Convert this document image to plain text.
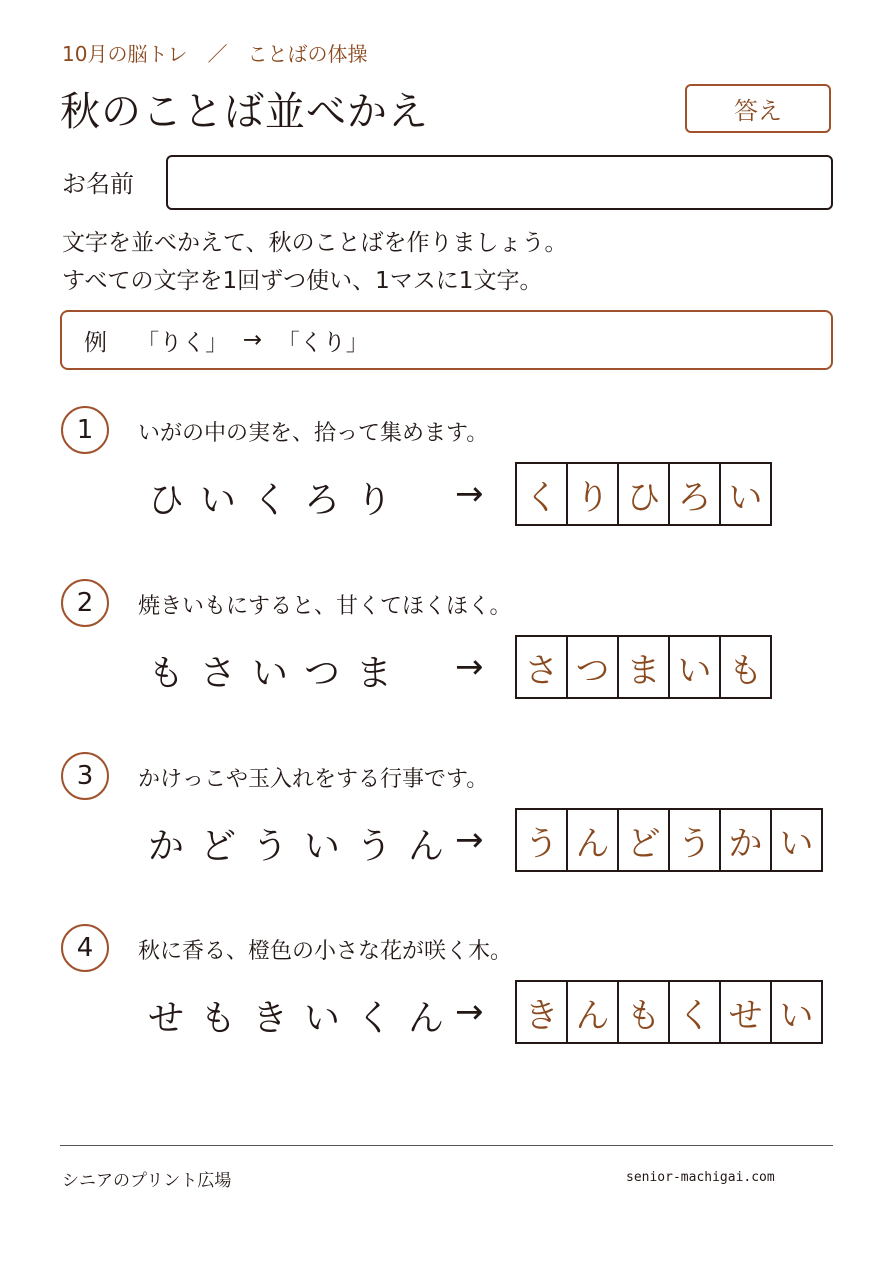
10月の脳トレ　／　ことばの体操
秋のことば並べかえ	答え
お名前
文字を並べかえて、秋のことばを作りましょう。
すべての文字を1回ずつ使い、1マスに1文字。
例
「りく」
→
「くり」
1	いがの中の実を、拾って集めます。
ひ い く ろ り	→ く り ひ ろ い
2	焼きいもにすると、甘くてほくほく。
も さ い つ ま	→ さ つ ま い も
3	かけっこや玉入れをする行事です。
か ど う い う ん → う ん ど う か い
4	秋に香る、橙色の小さな花が咲く木。
せ も き い く ん → き ん も く せ い
シニアのプリント広場	senior-machigai.com
